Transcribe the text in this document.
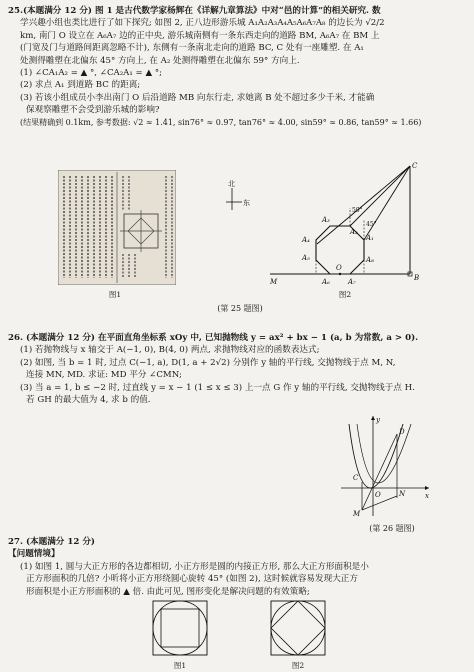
25.(本题满分 12 分) 图 1 是古代数学家杨辉在《详解九章算法》中对“邑的计算”的相关研究. 数
学兴趣小组也类比进行了如下探究; 如图 2, 正八边形游乐城 A₁A₂A₃A₄A₅A₆A₇A₈ 的边长为 √2/2
km, 南门 O 设立在 A₆A₇ 边的正中央, 游乐城南侧有一条东西走向的道路 BM, A₆A₇ 在 BM 上
(门宽及门与道路间距离忽略不计), 东侧有一条南北走向的道路 BC, C 处有一座雕塑. 在 A₁
处测得雕塑在北偏东 45° 方向上, 在 A₂ 处测得雕塑在北偏东 59° 方向上.
(1) ∠CA₁A₂ = ▲ °, ∠CA₂A₁ = ▲ °;
(2) 求点 A₁ 到道路 BC 的距离;
(3) 若该小组成员小李出南门 O 后沿道路 MB 向东行走, 求她离 B 处不超过多少千米, 才能确
保观察雕塑不会受到游乐城的影响?
(结果精确到 0.1km, 参考数据: √2 ≈ 1.41, sin76° ≈ 0.97, tan76° ≈ 4.00, sin59° ≈ 0.86, tan59° ≈ 1.66)
图1
C
B
M
O
A₁
A₂
A₃
A₄
A₅
A₆	A₇
A₈
59°
45°
北
东
图2
(第 25 题图)
26. (本题满分 12 分) 在平面直角坐标系 xOy 中, 已知抛物线 y = ax² + bx − 1 (a, b 为常数, a > 0).
(1) 若抛物线与 x 轴交于 A(−1, 0), B(4, 0) 两点, 求抛物线对应的函数表达式;
(2) 如图, 当 b = 1 时, 过点 C(−1, a), D(1, a + 2√2) 分别作 y 轴的平行线, 交抛物线于点 M, N,
连接 MN, MD. 求证: MD 平分 ∠CMN;
(3) 当 a = 1, b ≤ −2 时, 过直线 y = x − 1 (1 ≤ x ≤ 3) 上一点 G 作 y 轴的平行线, 交抛物线于点 H.
若 GH 的最大值为 4, 求 b 的值.
y
x
O
C
D
M
N
(第 26 题图)
27. (本题满分 12 分)
【问题情境】
(1) 如图 1, 圆与大正方形的各边都相切, 小正方形是圆的内接正方形, 那么大正方形面积是小
正方形面积的几倍? 小昕将小正方形绕圆心旋转 45° (如图 2), 这时候就容易发现大正方
形面积是小正方形面积的 ▲ 倍. 由此可见, 图形变化是解决问题的有效策略;
图1	图2
